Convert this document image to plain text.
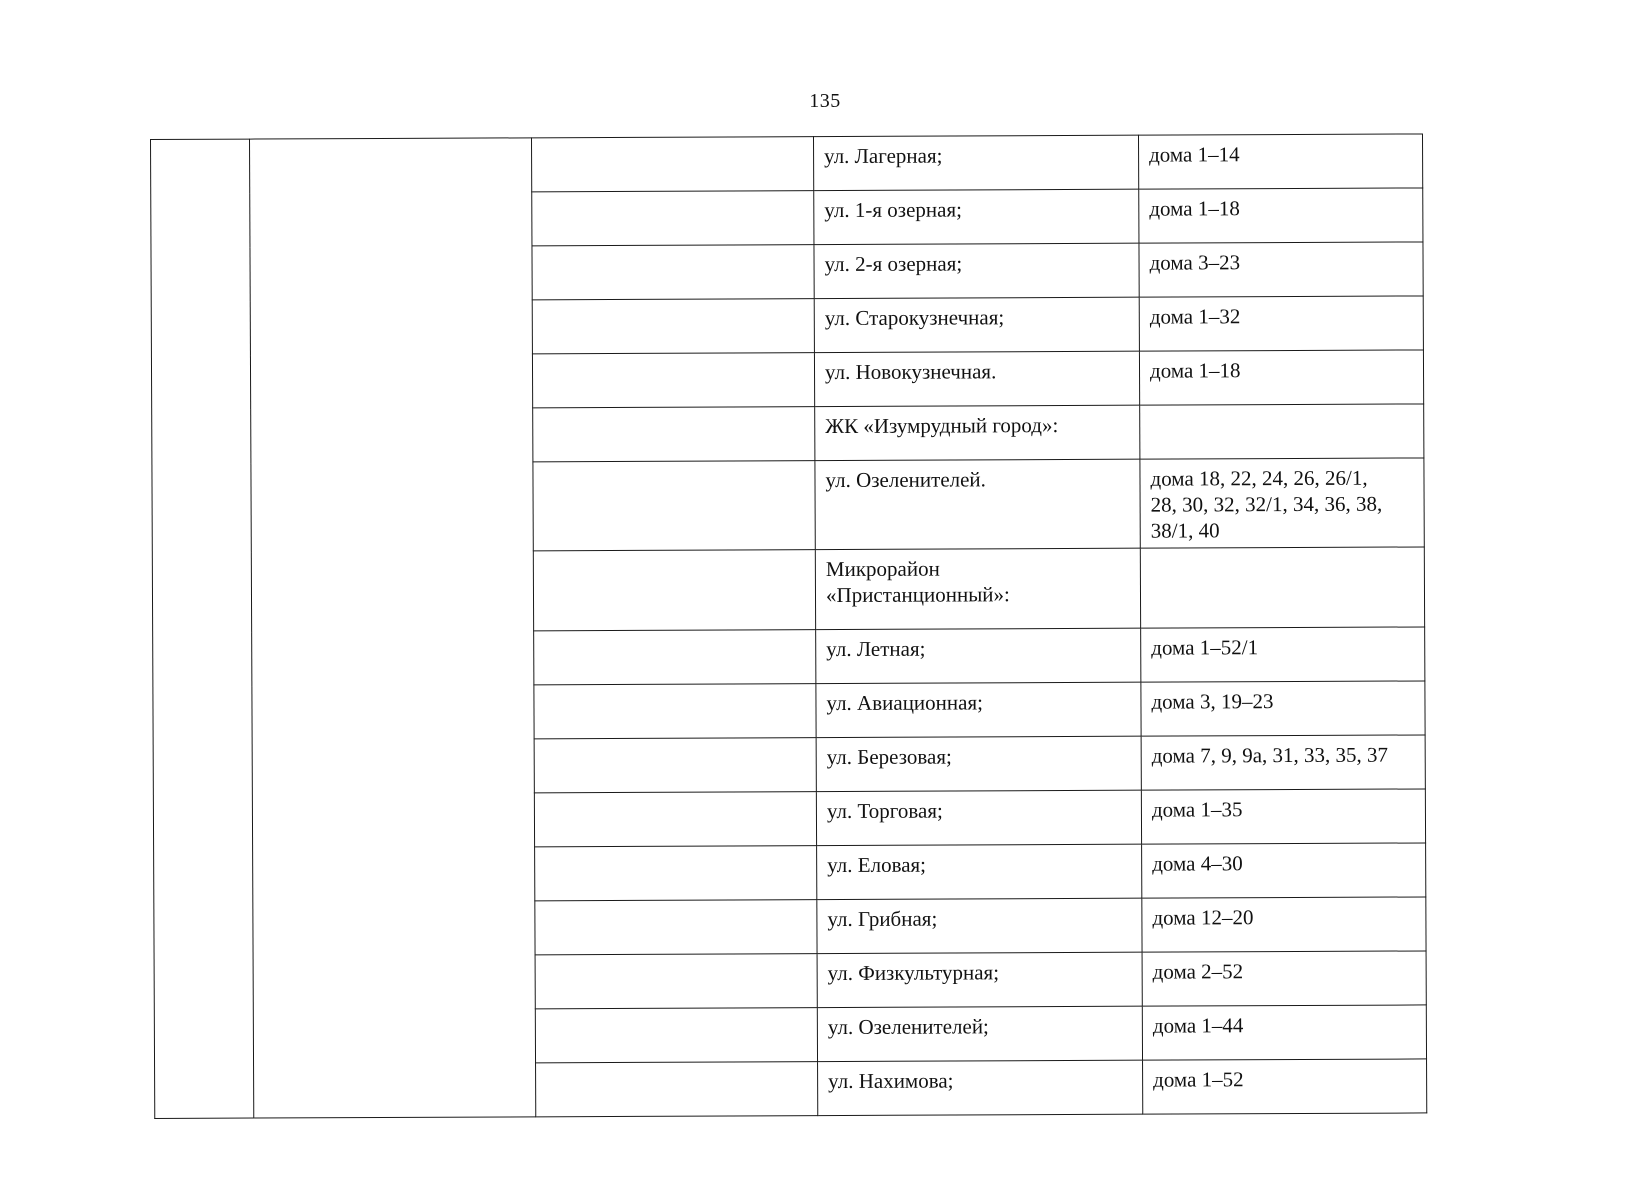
135

			ул. Лагерная;	дома 1–14

			ул. 1-я озерная;	дома 1–18

			ул. 2-я озерная;	дома 3–23

			ул. Старокузнечная;	дома 1–32

			ул. Новокузнечная.	дома 1–18

			ЖК «Изумрудный город»:	

			ул. Озеленителей.	дома 18, 22, 24, 26, 26/1,
28, 30, 32, 32/1, 34, 36, 38,
38/1, 40

			Микрорайон
«Пристанционный»:	

			ул. Летная;	дома 1–52/1

			ул. Авиационная;	дома 3, 19–23

			ул. Березовая;	дома 7, 9, 9а, 31, 33, 35, 37

			ул. Торговая;	дома 1–35

			ул. Еловая;	дома 4–30

			ул. Грибная;	дома 12–20

			ул. Физкультурная;	дома 2–52

			ул. Озеленителей;	дома 1–44

			ул. Нахимова;	дома 1–52
